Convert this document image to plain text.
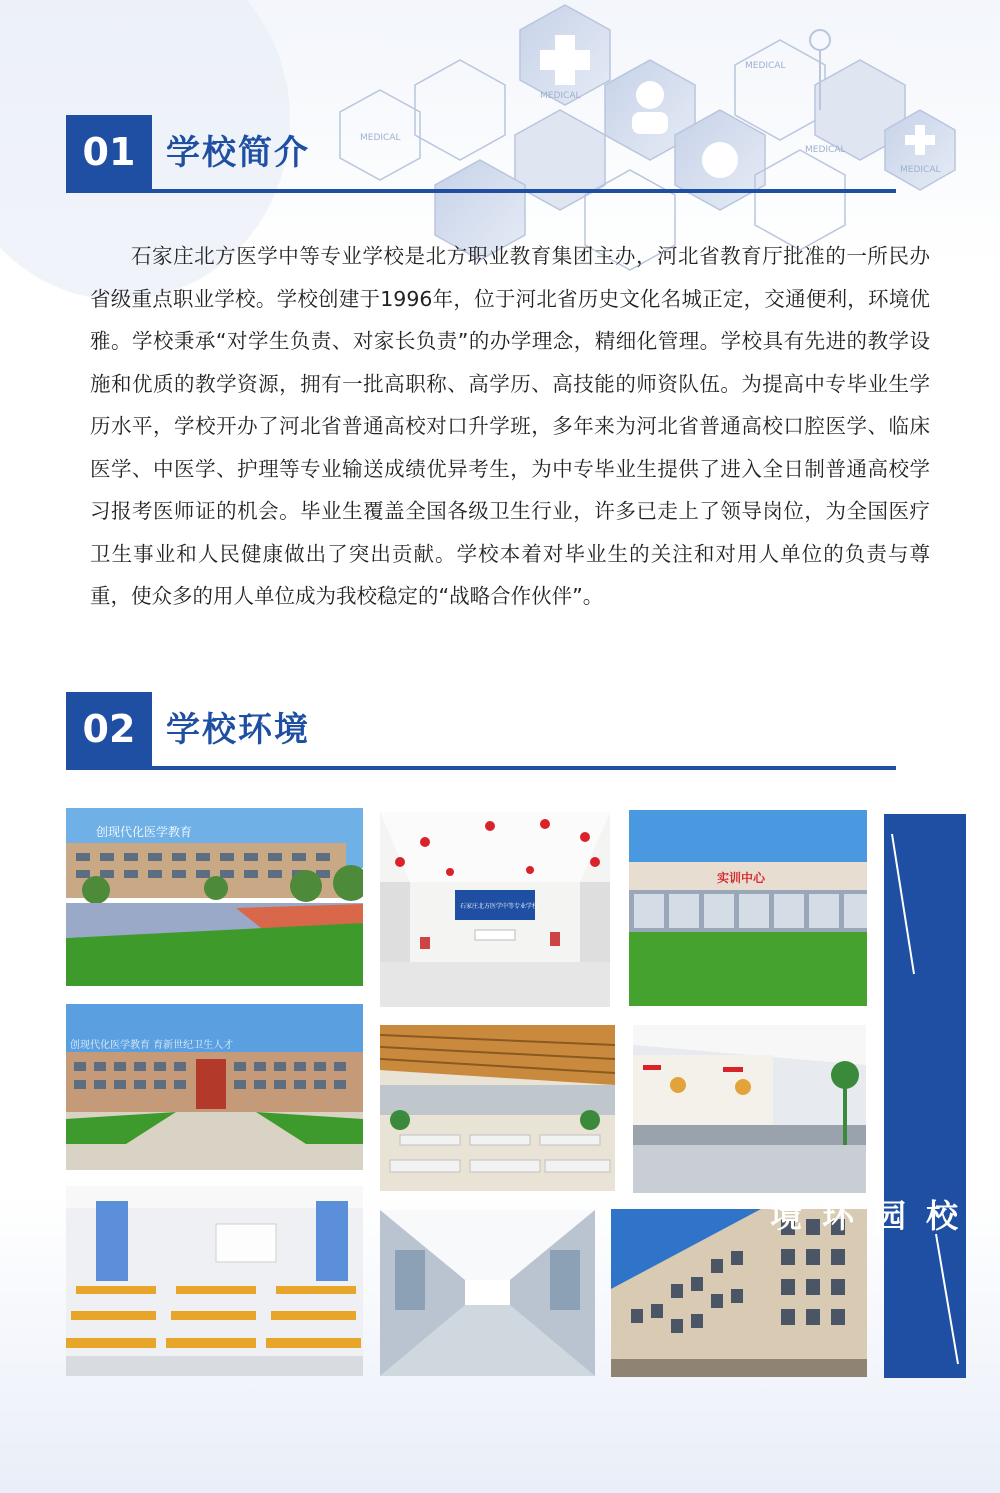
MEDICAL
MEDICAL
MEDICAL
MEDICAL
MEDICAL
01 学校简介

石家庄北方医学中等专业学校是北方职业教育集团主办，河北省教育厅批准的一所民办省级重点职业学校。学校创建于1996年，位于河北省历史文化名城正定，交通便利，环境优雅。学校秉承“对学生负责、对家长负责”的办学理念，精细化管理。学校具有先进的教学设施和优质的教学资源，拥有一批高职称、高学历、高技能的师资队伍。为提高中专毕业生学历水平，学校开办了河北省普通高校对口升学班，多年来为河北省普通高校口腔医学、临床医学、中医学、护理等专业输送成绩优异考生，为中专毕业生提供了进入全日制普通高校学习报考医师证的机会。毕业生覆盖全国各级卫生行业，许多已走上了领导岗位，为全国医疗卫生事业和人民健康做出了突出贡献。学校本着对毕业生的关注和对用人单位的负责与尊重，使众多的用人单位成为我校稳定的“战略合作伙伴”。

02 学校环境
创现代化医学教育
石家庄北方医学中等专业学校
实训中心
创现代化医学教育 育新世纪卫生人才
校园环境
